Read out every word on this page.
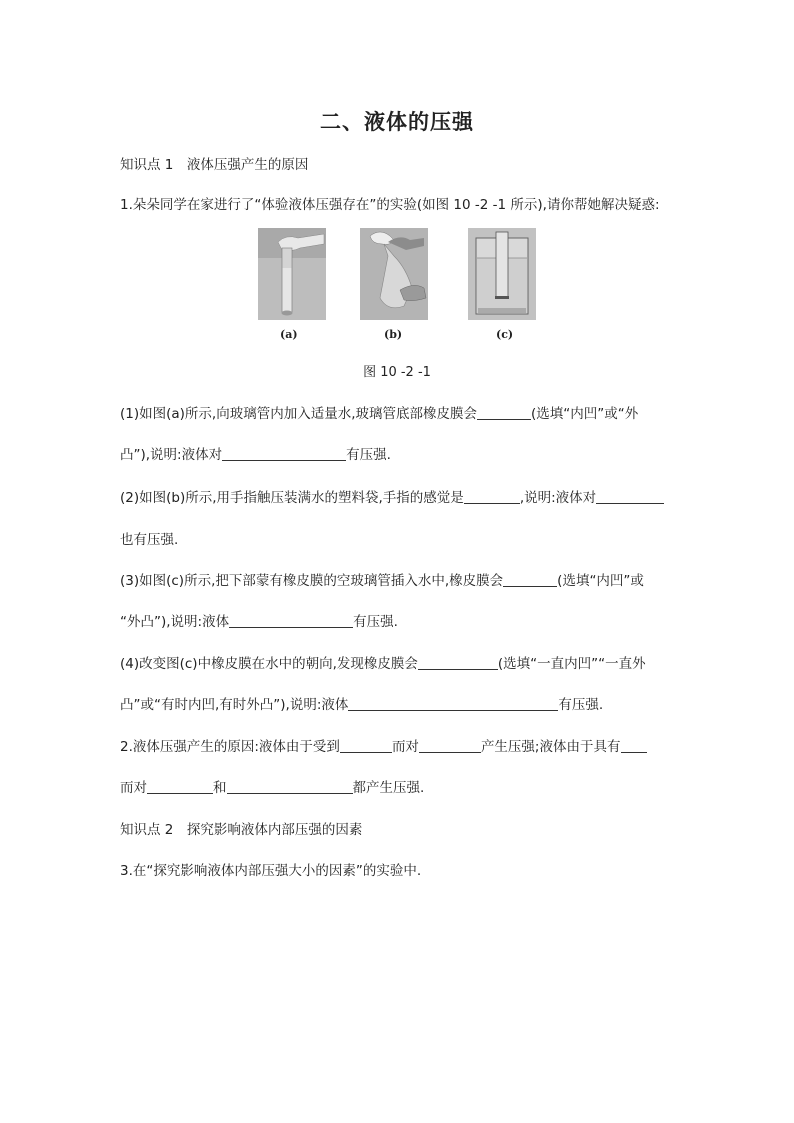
二、液体的压强
知识点 1　液体压强产生的原因
1.朵朵同学在家进行了“体验液体压强存在”的实验(如图 10 -2 -1 所示),请你帮她解决疑惑:
(a)	(b)	(c)
图 10 -2 -1
(1)如图(a)所示,向玻璃管内加入适量水,玻璃管底部橡皮膜会	(选填“内凹”或“外
凸”),说明:液体对	有压强.
(2)如图(b)所示,用手指触压装满水的塑料袋,手指的感觉是	,说明:液体对
也有压强.
(3)如图(c)所示,把下部蒙有橡皮膜的空玻璃管插入水中,橡皮膜会	(选填“内凹”或
“外凸”),说明:液体	有压强.
(4)改变图(c)中橡皮膜在水中的朝向,发现橡皮膜会	(选填“一直内凹”“一直外
凸”或“有时内凹,有时外凸”),说明:液体	有压强.
2.液体压强产生的原因:液体由于受到	而对	产生压强;液体由于具有
而对	和	都产生压强.
知识点 2　探究影响液体内部压强的因素
3.在“探究影响液体内部压强大小的因素”的实验中.
